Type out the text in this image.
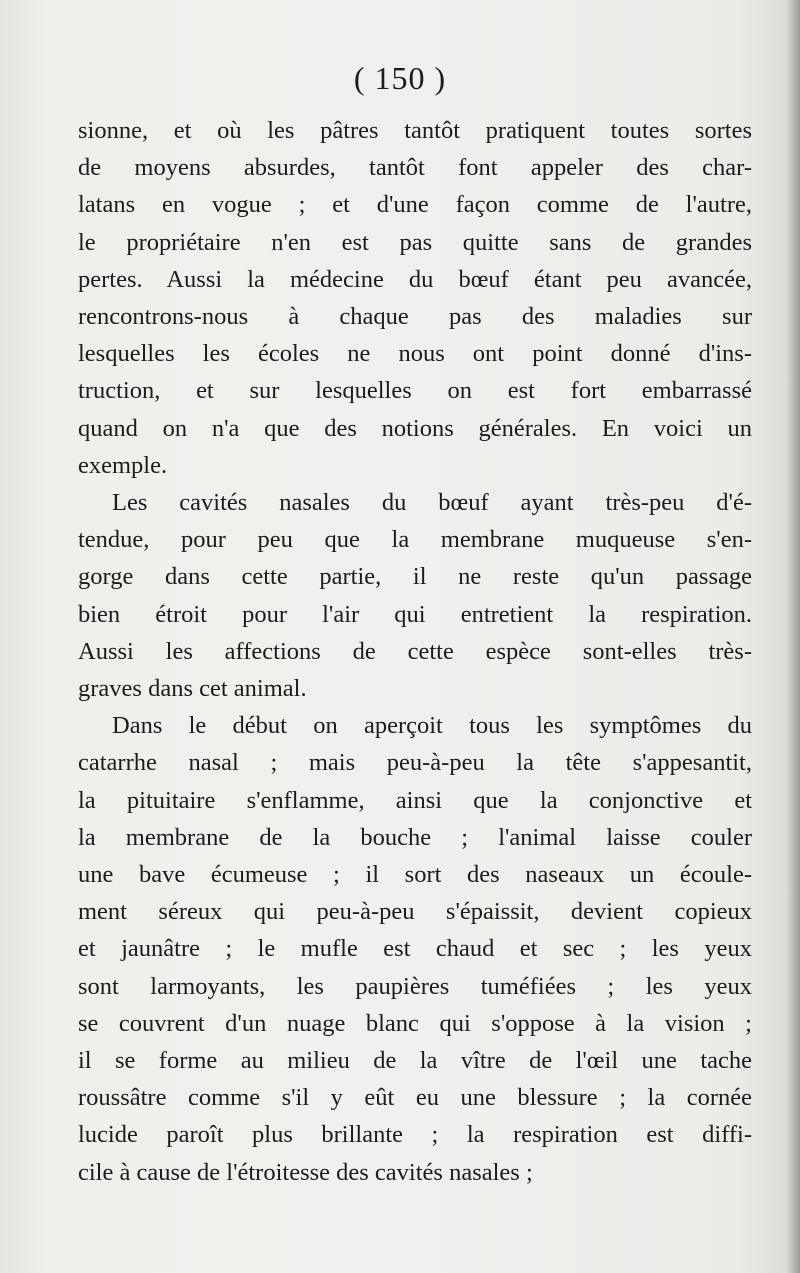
( 150 )
sionne, et où les pâtres tantôt pratiquent toutes sortes
de moyens absurdes, tantôt font appeler des char-
latans en vogue ; et d'une façon comme de l'autre,
le propriétaire n'en est pas quitte sans de grandes
pertes. Aussi la médecine du bœuf étant peu avancée,
rencontrons-nous à chaque pas des maladies sur
lesquelles les écoles ne nous ont point donné d'ins-
truction, et sur lesquelles on est fort embarrassé
quand on n'a que des notions générales. En voici un
exemple.
Les cavités nasales du bœuf ayant très-peu d'é-
tendue, pour peu que la membrane muqueuse s'en-
gorge dans cette partie, il ne reste qu'un passage
bien étroit pour l'air qui entretient la respiration.
Aussi les affections de cette espèce sont-elles très-
graves dans cet animal.
Dans le début on aperçoit tous les symptômes du
catarrhe nasal ; mais peu-à-peu la tête s'appesantit,
la pituitaire s'enflamme, ainsi que la conjonctive et
la membrane de la bouche ; l'animal laisse couler
une bave écumeuse ; il sort des naseaux un écoule-
ment séreux qui peu-à-peu s'épaissit, devient copieux
et jaunâtre ; le mufle est chaud et sec ; les yeux
sont larmoyants, les paupières tuméfiées ; les yeux
se couvrent d'un nuage blanc qui s'oppose à la vision ;
il se forme au milieu de la vître de l'œil une tache
roussâtre comme s'il y eût eu une blessure ; la cornée
lucide paroît plus brillante ; la respiration est diffi-
cile à cause de l'étroitesse des cavités nasales ;
